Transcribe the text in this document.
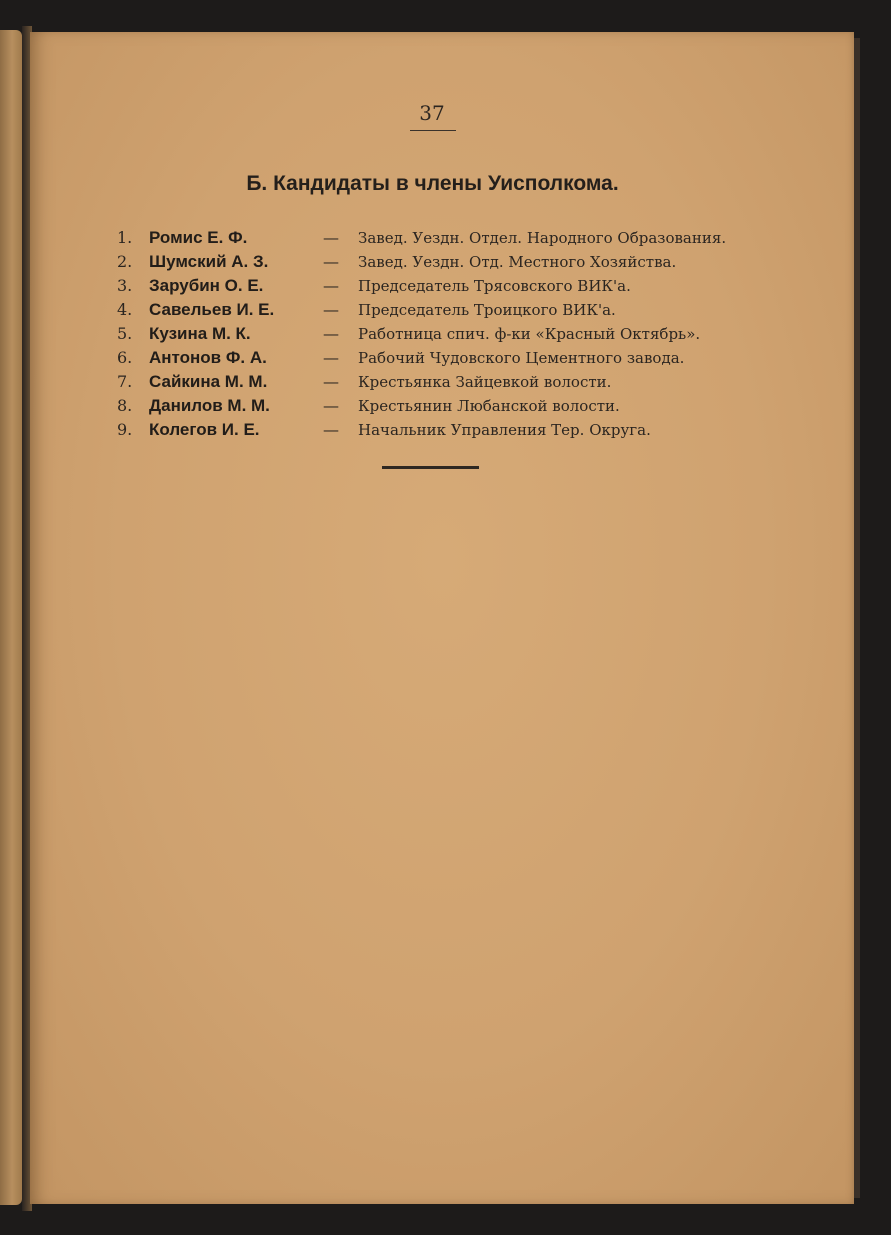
37
Б. Кандидаты в члены Уисполкома.
1. Ромис Е. Ф.	— Завед. Уездн. Отдел. Народного Образования.
2. Шумский А. З.	— Завед. Уездн. Отд. Местного Хозяйства.
3. Зарубин О. Е.	— Председатель Трясовского ВИК'а.
4. Савельев И. Е.	— Председатель Троицкого ВИК'а.
5. Кузина М. К.	— Работница спич. ф-ки «Красный Октябрь».
6. Антонов Ф. А.	— Рабочий Чудовского Цементного завода.
7. Сайкина М. М.	— Крестьянка Зайцевкой волости.
8. Данилов М. М.	— Крестьянин Любанской волости.
9. Колегов И. Е.	— Начальник Управления Тер. Округа.
